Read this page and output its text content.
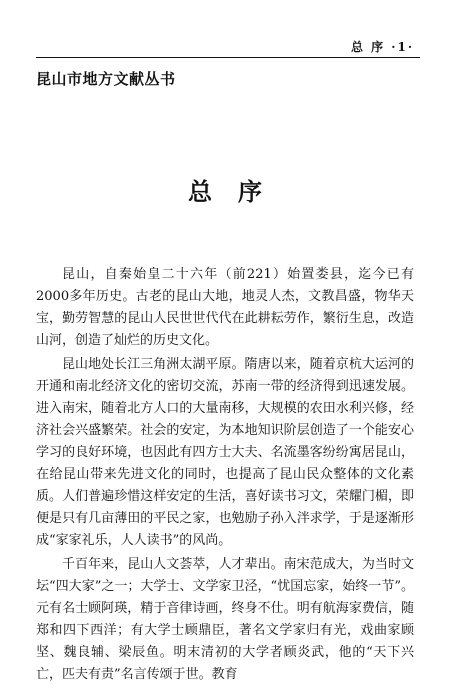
总 序 ·1·
昆山市地方文献丛书
总序

昆山，自秦始皇二十六年（前221）始置娄县，迄今已有2000多年历史。古老的昆山大地，地灵人杰，文教昌盛，物华天宝，勤劳智慧的昆山人民世世代代在此耕耘劳作，繁衍生息，改造山河，创造了灿烂的历史文化。

昆山地处长江三角洲太湖平原。隋唐以来，随着京杭大运河的开通和南北经济文化的密切交流，苏南一带的经济得到迅速发展。进入南宋，随着北方人口的大量南移，大规模的农田水利兴修，经济社会兴盛繁荣。社会的安定，为本地知识阶层创造了一个能安心学习的良好环境，也因此有四方士大夫、名流墨客纷纷寓居昆山，在给昆山带来先进文化的同时，也提高了昆山民众整体的文化素质。人们普遍珍惜这样安定的生活，喜好读书习文，荣耀门楣，即便是只有几亩薄田的平民之家，也勉励子孙入泮求学，于是逐渐形成“家家礼乐，人人读书”的风尚。

千百年来，昆山人文荟萃，人才辈出。南宋范成大，为当时文坛“四大家”之一；大学士、文学家卫泾，“忧国忘家，始终一节”。元有名士顾阿瑛，精于音律诗画，终身不仕。明有航海家费信，随郑和四下西洋；有大学士顾鼎臣，著名文学家归有光，戏曲家顾坚、魏良辅、梁辰鱼。明末清初的大学者顾炎武，他的“天下兴亡，匹夫有责”名言传颂于世。教育
